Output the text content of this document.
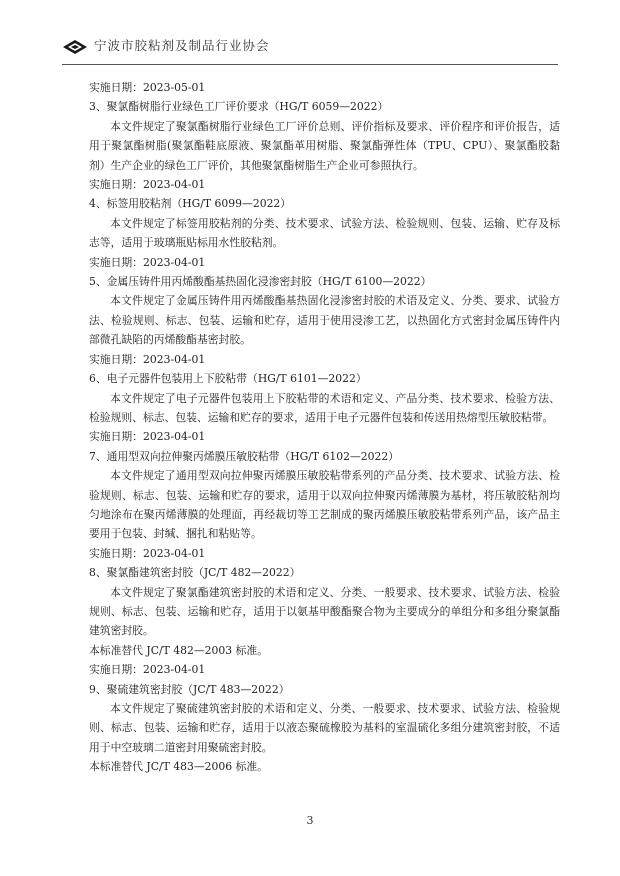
宁波市胶粘剂及制品行业协会

实施日期：2023-05-01

3、聚氯酯树脂行业绿色工厂评价要求（HG/T 6059—2022）

本文件规定了聚氯酯树脂行业绿色工厂评价总则、评价指标及要求、评价程序和评价报告，适用于聚氯酯树脂(聚氯酯鞋底原液、聚氯酯革用树脂、聚氯酯弹性体（TPU、CPU）、聚氯酯胶黏剂）生产企业的绿色工厂评价，其他聚氯酯树脂生产企业可参照执行。

实施日期：2023-04-01

4、标签用胶粘剂（HG/T 6099—2022）

本文件规定了标签用胶粘剂的分类、技术要求、试验方法、检验规则、包装、运输、贮存及标志等，适用于玻璃瓶贴标用水性胶粘剂。

实施日期：2023-04-01

5、金属压铸件用丙烯酸酯基热固化浸渗密封胶（HG/T 6100—2022）

本文件规定了金属压铸件用丙烯酸酯基热固化浸渗密封胶的术语及定义、分类、要求、试验方法、检验规则、标志、包装、运输和贮存，适用于使用浸渗工艺，以热固化方式密封金属压铸件内部微孔缺陷的丙烯酸酯基密封胶。

实施日期：2023-04-01

6、电子元器件包装用上下胶粘带（HG/T 6101—2022）

本文件规定了电子元器件包装用上下胶粘带的术语和定义、产品分类、技术要求、检验方法、检验规则、标志、包装、运输和贮存的要求，适用于电子元器件包装和传送用热熔型压敏胶粘带。

实施日期：2023-04-01

7、通用型双向拉伸聚丙烯膜压敏胶粘带（HG/T 6102—2022）

本文件规定了通用型双向拉伸聚丙烯膜压敏胶粘带系列的产品分类、技术要求、试验方法、检验规则、标志、包装、运输和贮存的要求，适用于以双向拉伸聚丙烯薄膜为基材，将压敏胶粘剂均匀地涂布在聚丙烯薄膜的处理面，再经裁切等工艺制成的聚丙烯膜压敏胶粘带系列产品，该产品主要用于包装、封缄、捆扎和粘贴等。

实施日期：2023-04-01

8、聚氯酯建筑密封胶（JC/T 482—2022）

本文件规定了聚氯酯建筑密封胶的术语和定义、分类、一般要求、技术要求、试验方法、检验规则、标志、包装、运输和贮存，适用于以氨基甲酸酯聚合物为主要成分的单组分和多组分聚氯酯建筑密封胶。

本标准替代 JC/T 482—2003 标准。

实施日期：2023-04-01

9、聚硫建筑密封胶（JC/T 483—2022）

本文件规定了聚硫建筑密封胶的术语和定义、分类、一般要求、技术要求、试验方法、检验规则、标志、包装、运输和贮存，适用于以液态聚硫橡胶为基料的室温硫化多组分建筑密封胶，不适用于中空玻璃二道密封用聚硫密封胶。

本标准替代 JC/T 483—2006 标准。

3
